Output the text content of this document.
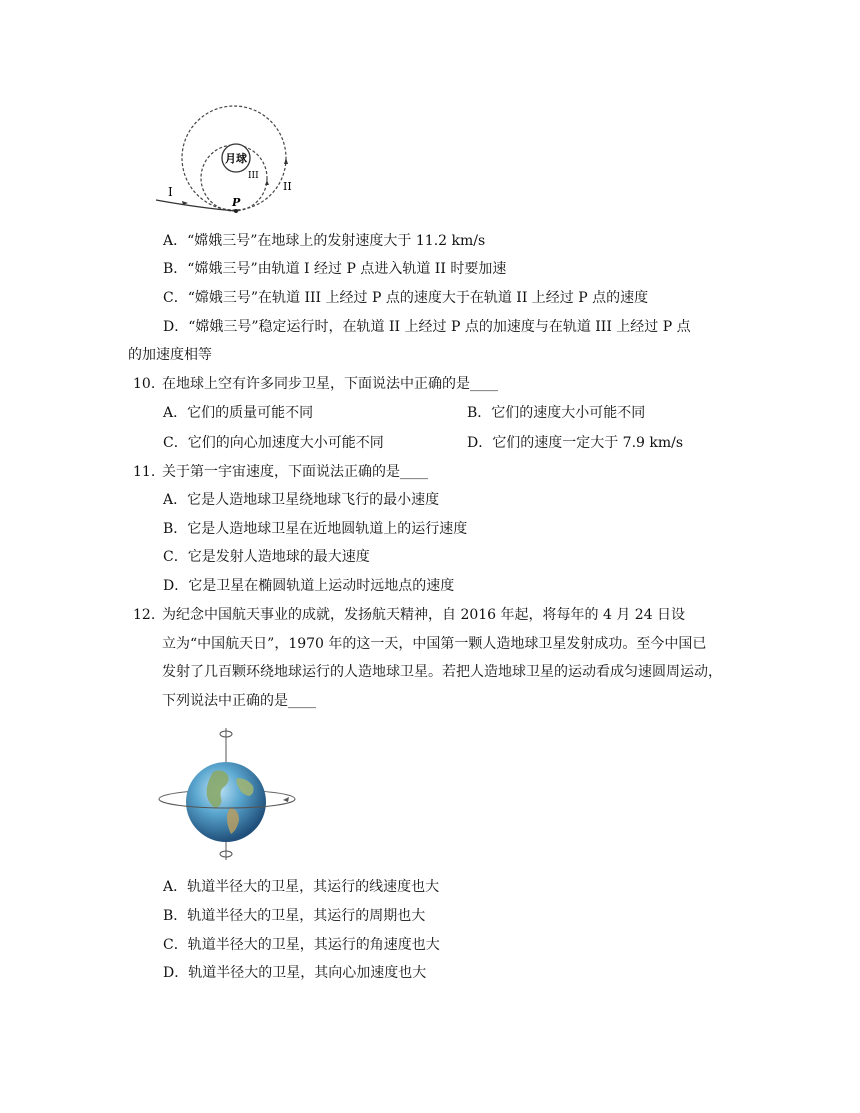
月球
I	II
III
P
A．“嫦娥三号”在地球上的发射速度大于 11.2 km/s
B．“嫦娥三号”由轨道 I 经过 P 点进入轨道 II 时要加速
C．“嫦娥三号”在轨道 III 上经过 P 点的速度大于在轨道 II 上经过 P 点的速度
D．“嫦娥三号”稳定运行时，在轨道 II 上经过 P 点的加速度与在轨道 III 上经过 P 点
的加速度相等
10. 在地球上空有许多同步卫星，下面说法中正确的是____
A．它们的质量可能不同	B．它们的速度大小可能不同
C．它们的向心加速度大小可能不同	D．它们的速度一定大于 7.9 km/s
11. 关于第一宇宙速度，下面说法正确的是____
A．它是人造地球卫星绕地球飞行的最小速度
B．它是人造地球卫星在近地圆轨道上的运行速度
C．它是发射人造地球的最大速度
D．它是卫星在椭圆轨道上运动时远地点的速度
12. 为纪念中国航天事业的成就，发扬航天精神，自 2016 年起，将每年的 4 月 24 日设
立为“中国航天日”，1970 年的这一天，中国第一颗人造地球卫星发射成功。至今中国已
发射了几百颗环绕地球运行的人造地球卫星。若把人造地球卫星的运动看成匀速圆周运动，
下列说法中正确的是____
A．轨道半径大的卫星，其运行的线速度也大
B．轨道半径大的卫星，其运行的周期也大
C．轨道半径大的卫星，其运行的角速度也大
D．轨道半径大的卫星，其向心加速度也大
